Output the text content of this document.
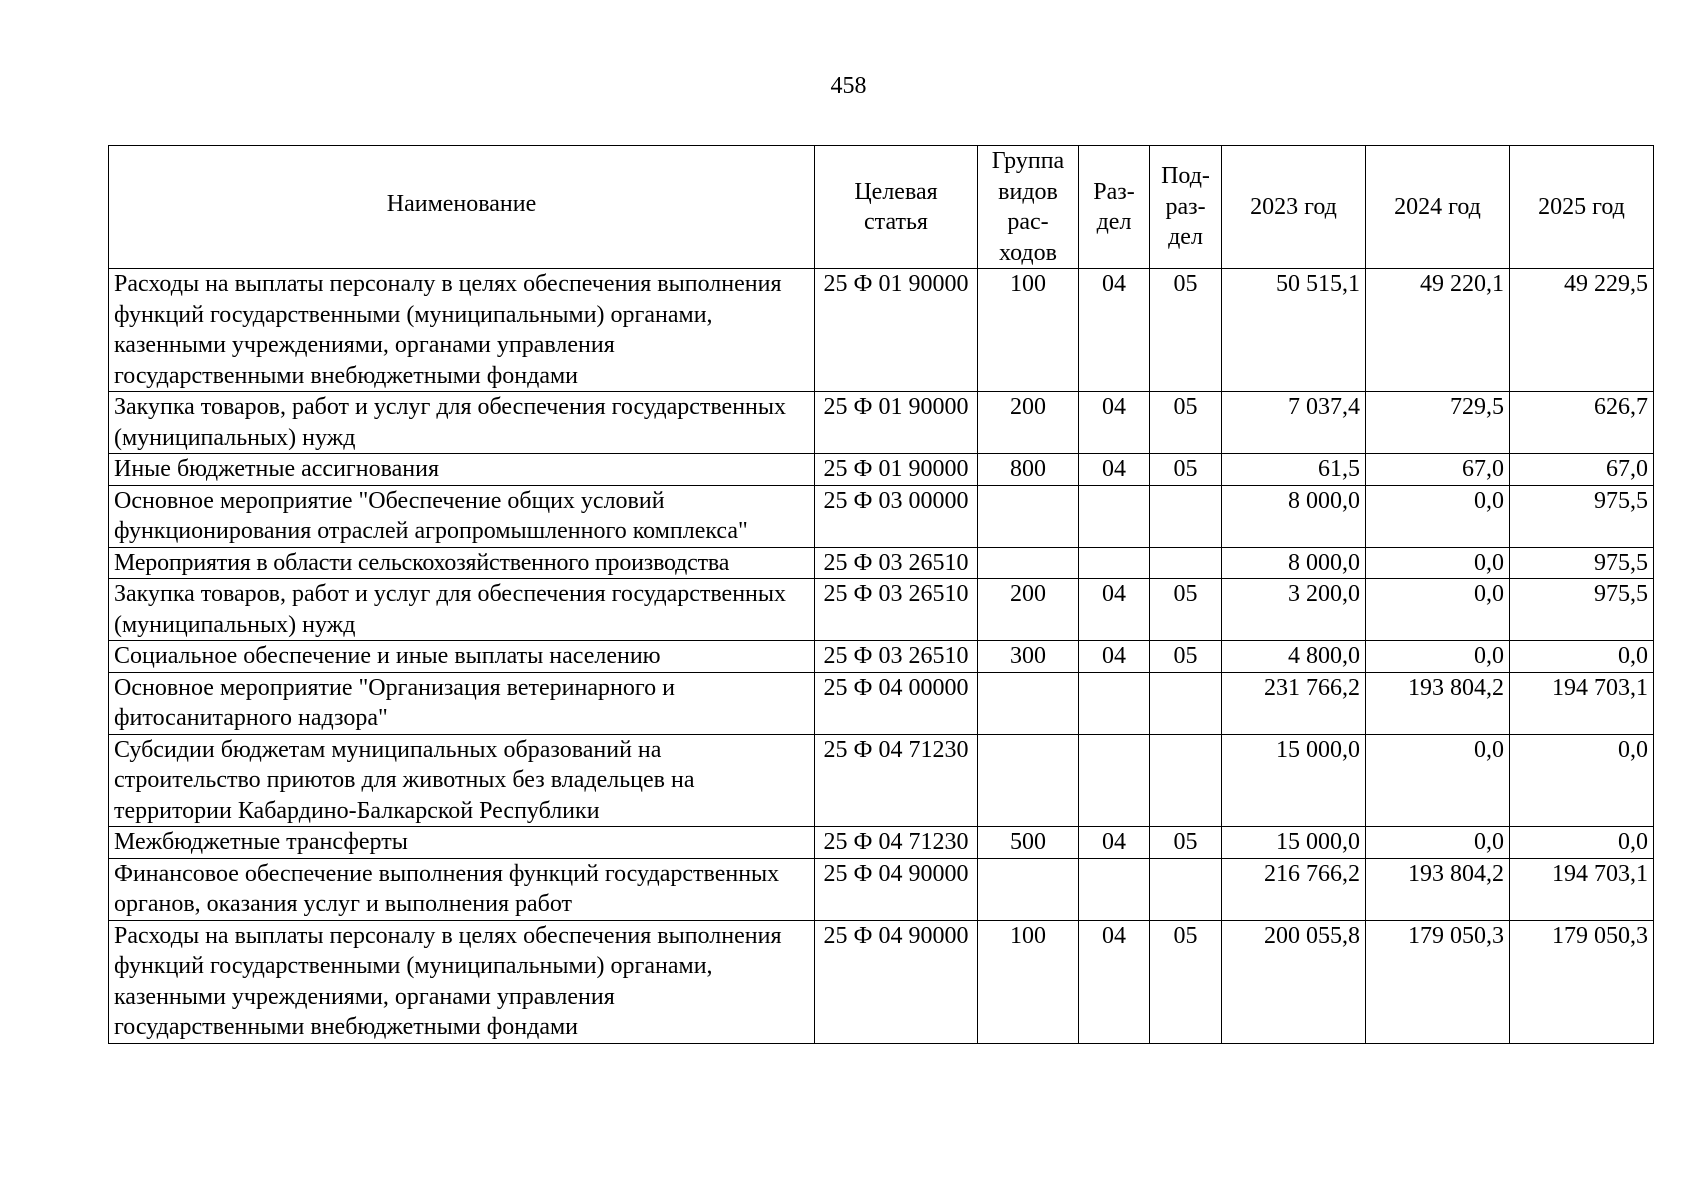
458
Наименование	Целевая статья	Группа видов рас-ходов	Раз-дел	Под-раз-дел	2023 год	2024 год	2025 год
Расходы на выплаты персоналу в целях обеспечения выполнения функций государственными (муниципальными) органами, казенными учреждениями, органами управления государственными внебюджетными фондами	25 Ф 01 90000	100	04	05	50 515,1	49 220,1	49 229,5
Закупка товаров, работ и услуг для обеспечения государственных (муниципальных) нужд	25 Ф 01 90000	200	04	05	7 037,4	729,5	626,7
Иные бюджетные ассигнования	25 Ф 01 90000	800	04	05	61,5	67,0	67,0
Основное мероприятие "Обеспечение общих условий функционирования отраслей агропромышленного комплекса"	25 Ф 03 00000				8 000,0	0,0	975,5
Мероприятия в области сельскохозяйственного производства	25 Ф 03 26510				8 000,0	0,0	975,5
Закупка товаров, работ и услуг для обеспечения государственных (муниципальных) нужд	25 Ф 03 26510	200	04	05	3 200,0	0,0	975,5
Социальное обеспечение и иные выплаты населению	25 Ф 03 26510	300	04	05	4 800,0	0,0	0,0
Основное мероприятие "Организация ветеринарного и фитосанитарного надзора"	25 Ф 04 00000				231 766,2	193 804,2	194 703,1
Субсидии бюджетам муниципальных образований на строительство приютов для животных без владельцев на территории Кабардино-Балкарской Республики	25 Ф 04 71230				15 000,0	0,0	0,0
Межбюджетные трансферты	25 Ф 04 71230	500	04	05	15 000,0	0,0	0,0
Финансовое обеспечение выполнения функций государственных органов, оказания услуг и выполнения работ	25 Ф 04 90000				216 766,2	193 804,2	194 703,1
Расходы на выплаты персоналу в целях обеспечения выполнения функций государственными (муниципальными) органами, казенными учреждениями, органами управления государственными внебюджетными фондами	25 Ф 04 90000	100	04	05	200 055,8	179 050,3	179 050,3
